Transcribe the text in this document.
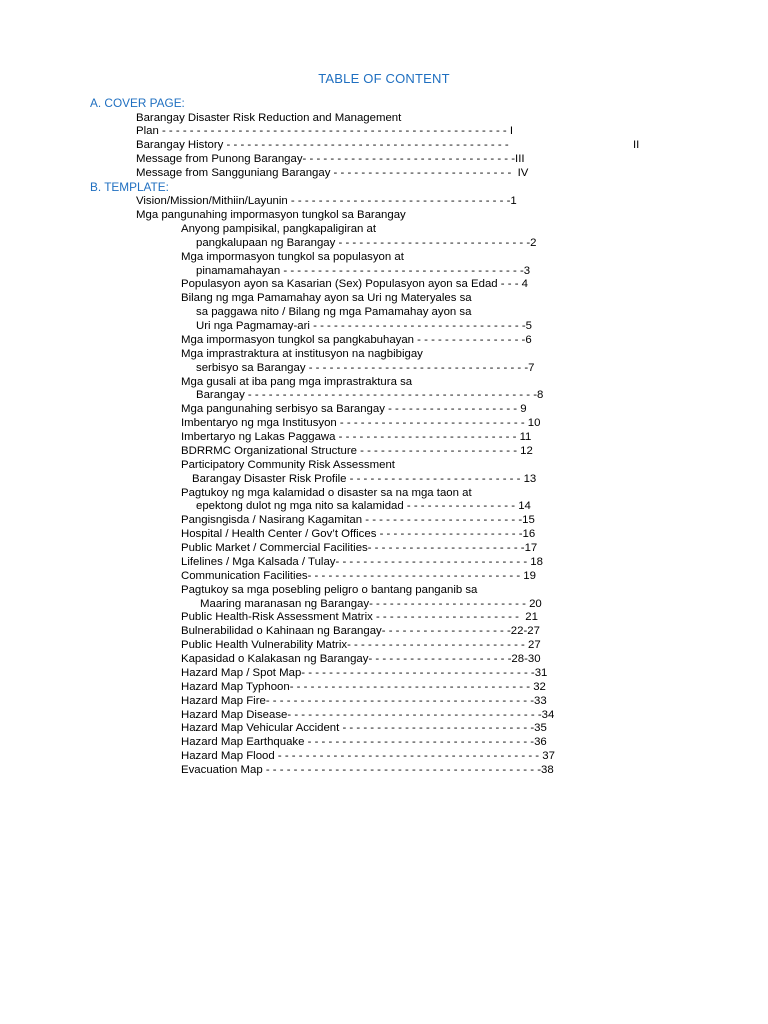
TABLE OF CONTENT
A. COVER PAGE:
Barangay Disaster Risk Reduction and Management
Plan - - - - - - - - - - - - - - - - - - - - - - - - - - - - - - - - - - - - - - - - - - - - - - - - - - I
Barangay History - - - - - - - - - - - - - - - - - - - - - - - - - - - - - - - - - - - - - - - - -	II
Message from Punong Barangay- - - - - - - - - - - - - - - - - - - - - - - - - - - - - - -III
Message from Sangguniang Barangay - - - - - - - - - - - - - - - - - - - - - - - - - -  IV
B. TEMPLATE:
Vision/Mission/Mithiin/Layunin - - - - - - - - - - - - - - - - - - - - - - - - - - - - - - - -1
Mga pangunahing impormasyon tungkol sa Barangay
Anyong pampisikal, pangkapaligiran at
pangkalupaan ng Barangay - - - - - - - - - - - - - - - - - - - - - - - - - - - -2
Mga impormasyon tungkol sa populasyon at
pinamamahayan - - - - - - - - - - - - - - - - - - - - - - - - - - - - - - - - - - -3
Populasyon ayon sa Kasarian (Sex) Populasyon ayon sa Edad - - - 4
Bilang ng mga Pamamahay ayon sa Uri ng Materyales sa
sa paggawa nito / Bilang ng mga Pamamahay ayon sa
Uri nga Pagmamay-ari - - - - - - - - - - - - - - - - - - - - - - - - - - - - - - -5
Mga impormasyon tungkol sa pangkabuhayan - - - - - - - - - - - - - - - -6
Mga imprastraktura at institusyon na nagbibigay
serbisyo sa Barangay - - - - - - - - - - - - - - - - - - - - - - - - - - - - - - - -7
Mga gusali at iba pang mga imprastraktura sa
Barangay - - - - - - - - - - - - - - - - - - - - - - - - - - - - - - - - - - - - - - - - - -8
Mga pangunahing serbisyo sa Barangay - - - - - - - - - - - - - - - - - - - 9
Imbentaryo ng mga Institusyon - - - - - - - - - - - - - - - - - - - - - - - - - - - 10
Imbertaryo ng Lakas Paggawa - - - - - - - - - - - - - - - - - - - - - - - - - - 11
BDRRMC Organizational Structure - - - - - - - - - - - - - - - - - - - - - - - 12
Participatory Community Risk Assessment
Barangay Disaster Risk Profile - - - - - - - - - - - - - - - - - - - - - - - - - 13
Pagtukoy ng mga kalamidad o disaster sa na mga taon at
epektong dulot ng mga nito sa kalamidad - - - - - - - - - - - - - - - - 14
Pangisngisda / Nasirang Kagamitan - - - - - - - - - - - - - - - - - - - - - - -15
Hospital / Health Center / Gov’t Offices - - - - - - - - - - - - - - - - - - - - -16
Public Market / Commercial Facilities- - - - - - - - - - - - - - - - - - - - - - -17
Lifelines / Mga Kalsada / Tulay- - - - - - - - - - - - - - - - - - - - - - - - - - - - 18
Communication Facilities- - - - - - - - - - - - - - - - - - - - - - - - - - - - - - - 19
Pagtukoy sa mga posebling peligro o bantang panganib sa
Maaring maranasan ng Barangay- - - - - - - - - - - - - - - - - - - - - - - 20
Public Health-Risk Assessment Matrix - - - - - - - - - - - - - - - - - - - - -  21
Bulnerabilidad o Kahinaan ng Barangay- - - - - - - - - - - - - - - - - - -22-27
Public Health Vulnerability Matrix- - - - - - - - - - - - - - - - - - - - - - - - - - 27
Kapasidad o Kalakasan ng Barangay- - - - - - - - - - - - - - - - - - - - -28-30
Hazard Map / Spot Map- - - - - - - - - - - - - - - - - - - - - - - - - - - - - - - - - -31
Hazard Map Typhoon- - - - - - - - - - - - - - - - - - - - - - - - - - - - - - - - - - - 32
Hazard Map Fire- - - - - - - - - - - - - - - - - - - - - - - - - - - - - - - - - - - - - - -33
Hazard Map Disease- - - - - - - - - - - - - - - - - - - - - - - - - - - - - - - - - - - - -34
Hazard Map Vehicular Accident - - - - - - - - - - - - - - - - - - - - - - - - - - - -35
Hazard Map Earthquake - - - - - - - - - - - - - - - - - - - - - - - - - - - - - - - - -36
Hazard Map Flood - - - - - - - - - - - - - - - - - - - - - - - - - - - - - - - - - - - - - - 37
Evacuation Map - - - - - - - - - - - - - - - - - - - - - - - - - - - - - - - - - - - - - - - -38
